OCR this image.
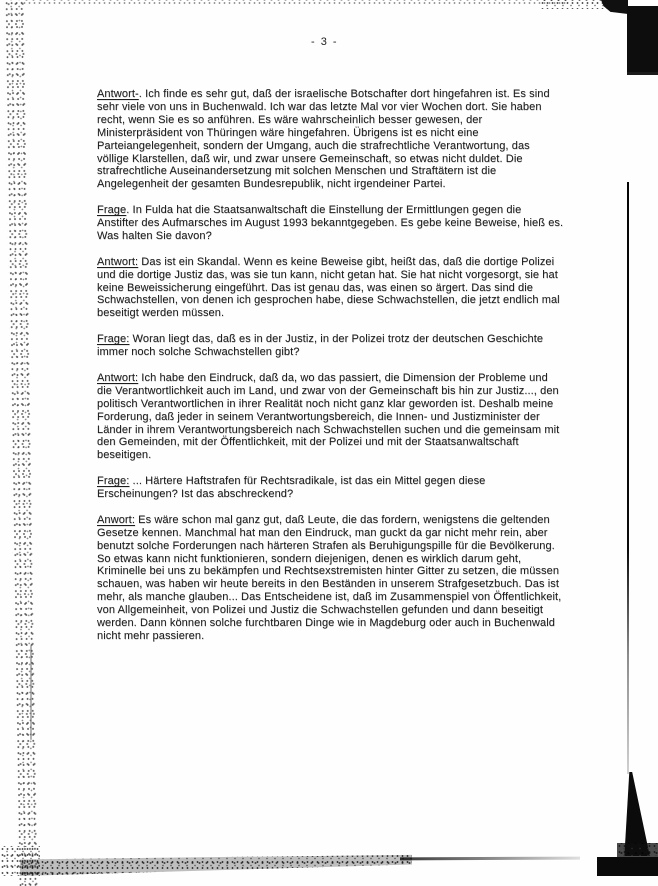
- 3 -

Antwort-. Ich finde es sehr gut, daß der israelische Botschafter dort hingefahren ist. Es sind sehr viele von uns in Buchenwald. Ich war das letzte Mal vor vier Wochen dort. Sie haben recht, wenn Sie es so anführen. Es wäre wahrscheinlich besser gewesen, der Ministerpräsident von Thüringen wäre hingefahren. Übrigens ist es nicht eine Parteiangelegenheit, sondern der Umgang, auch die strafrechtliche Verantwortung, das völlige Klarstellen, daß wir, und zwar unsere Gemeinschaft, so etwas nicht duldet. Die strafrechtliche Auseinandersetzung mit solchen Menschen und Straftätern ist die Angelegenheit der gesamten Bundesrepublik, nicht irgendeiner Partei.

Frage. In Fulda hat die Staatsanwaltschaft die Einstellung der Ermittlungen gegen die Anstifter des Aufmarsches im August 1993 bekanntgegeben. Es gebe keine Beweise, hieß es. Was halten Sie davon?

Antwort: Das ist ein Skandal. Wenn es keine Beweise gibt, heißt das, daß die dortige Polizei und die dortige Justiz das, was sie tun kann, nicht getan hat. Sie hat nicht vorgesorgt, sie hat keine Beweissicherung eingeführt. Das ist genau das, was einen so ärgert. Das sind die Schwachstellen, von denen ich gesprochen habe, diese Schwachstellen, die jetzt endlich mal beseitigt werden müssen.

Frage: Woran liegt das, daß es in der Justiz, in der Polizei trotz der deutschen Geschichte immer noch solche Schwachstellen gibt?

Antwort: Ich habe den Eindruck, daß da, wo das passiert, die Dimension der Probleme und die Verantwortlichkeit auch im Land, und zwar von der Gemeinschaft bis hin zur Justiz..., den politisch Verantwortlichen in ihrer Realität noch nicht ganz klar geworden ist. Deshalb meine Forderung, daß jeder in seinem Verantwortungsbereich, die Innen- und Justizminister der Länder in ihrem Verantwortungsbereich nach Schwachstellen suchen und die gemeinsam mit den Gemeinden, mit der Öffentlichkeit, mit der Polizei und mit der Staatsanwaltschaft beseitigen.

Frage: ... Härtere Haftstrafen für Rechtsradikale, ist das ein Mittel gegen diese Erscheinungen? Ist das abschreckend?

Anwort: Es wäre schon mal ganz gut, daß Leute, die das fordern, wenigstens die geltenden Gesetze kennen. Manchmal hat man den Eindruck, man guckt da gar nicht mehr rein, aber benutzt solche Forderungen nach härteren Strafen als Beruhigungspille für die Bevölkerung. So etwas kann nicht funktionieren, sondern diejenigen, denen es wirklich darum geht, Kriminelle bei uns zu bekämpfen und Rechtsexstremisten hinter Gitter zu setzen, die müssen schauen, was haben wir heute bereits in den Beständen in unserem Strafgesetzbuch. Das ist mehr, als manche glauben... Das Entscheidene ist, daß im Zusammenspiel von Öffentlichkeit, von Allgemeinheit, von Polizei und Justiz die Schwachstellen gefunden und dann beseitigt werden. Dann können solche furchtbaren Dinge wie in Magdeburg oder auch in Buchenwald nicht mehr passieren.
